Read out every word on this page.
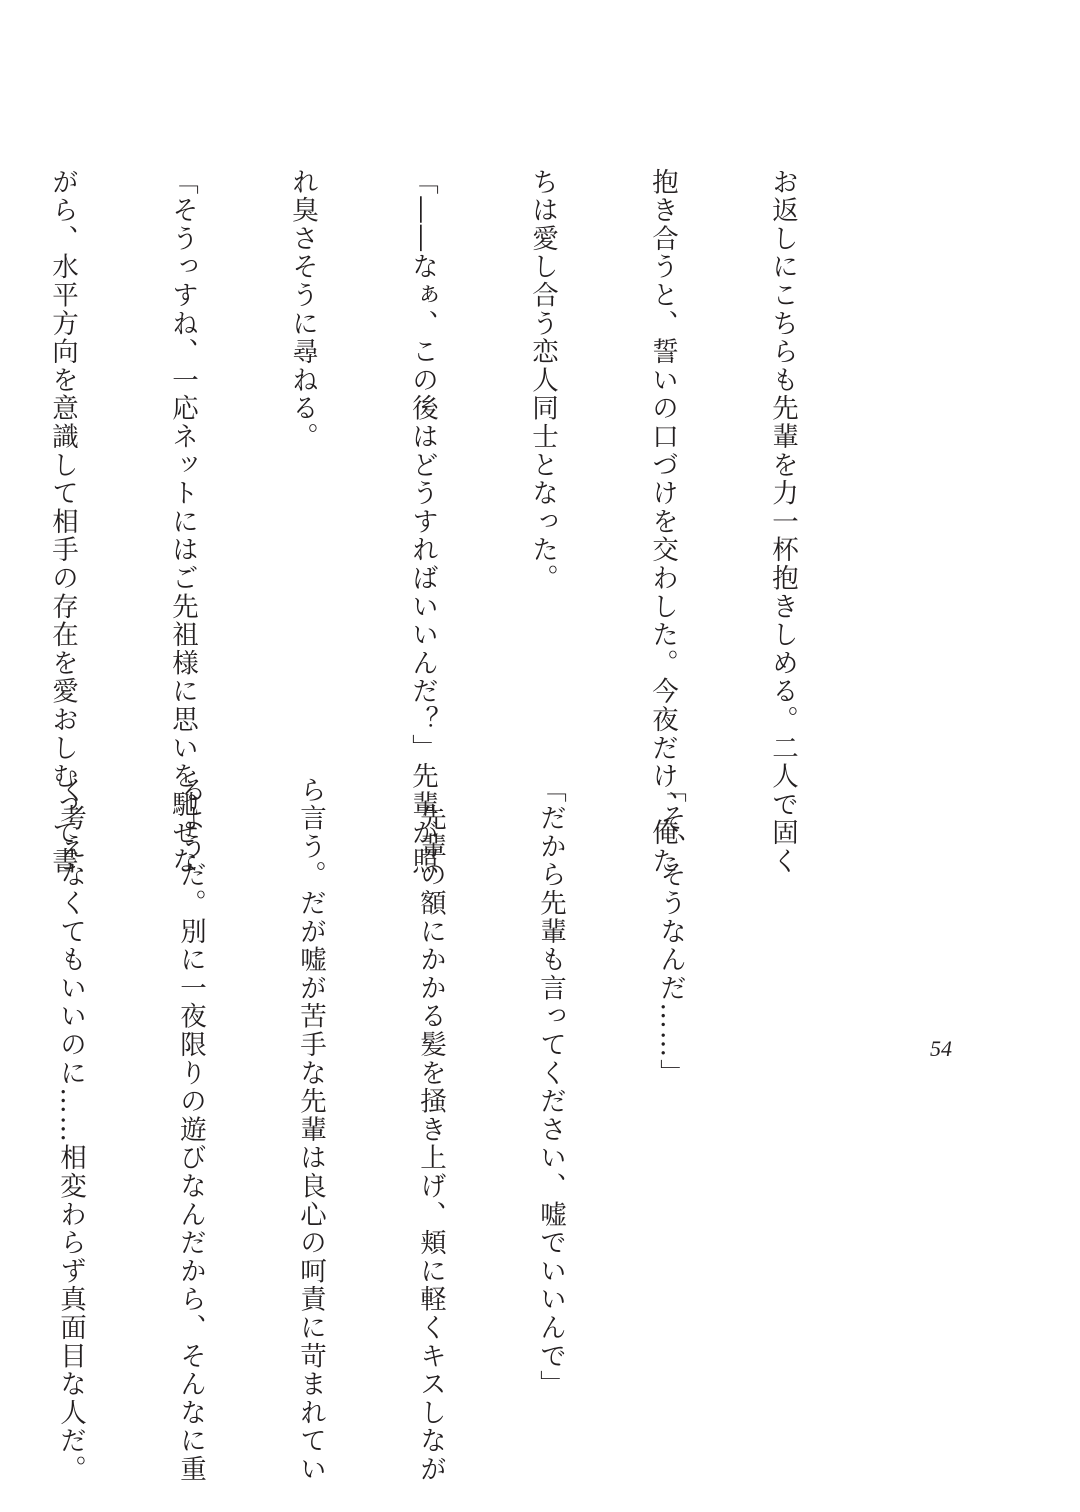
お返しにこちらも先輩を力一杯抱きしめる。二人で固く

抱き合うと、誓いの口づけを交わした。今夜だけ、俺た

ちは愛し合う恋人同士となった。

「――なぁ、この後はどうすればいいんだ？」先輩が照

れ臭さそうに尋ねる。

「そうっすね、一応ネットにはご先祖様に思いを馳せな

がら、水平方向を意識して相手の存在を愛おしむって書

「そ、そうなんだ……」

「だから先輩も言ってください、嘘でいいんで」

　先輩の額にかかる髪を掻き上げ、頬に軽くキスしなが

ら言う。だが嘘が苦手な先輩は良心の呵責に苛まれてい

るようだ。別に一夜限りの遊びなんだから、そんなに重

く考えなくてもいいのに……相変わらず真面目な人だ。

	54
